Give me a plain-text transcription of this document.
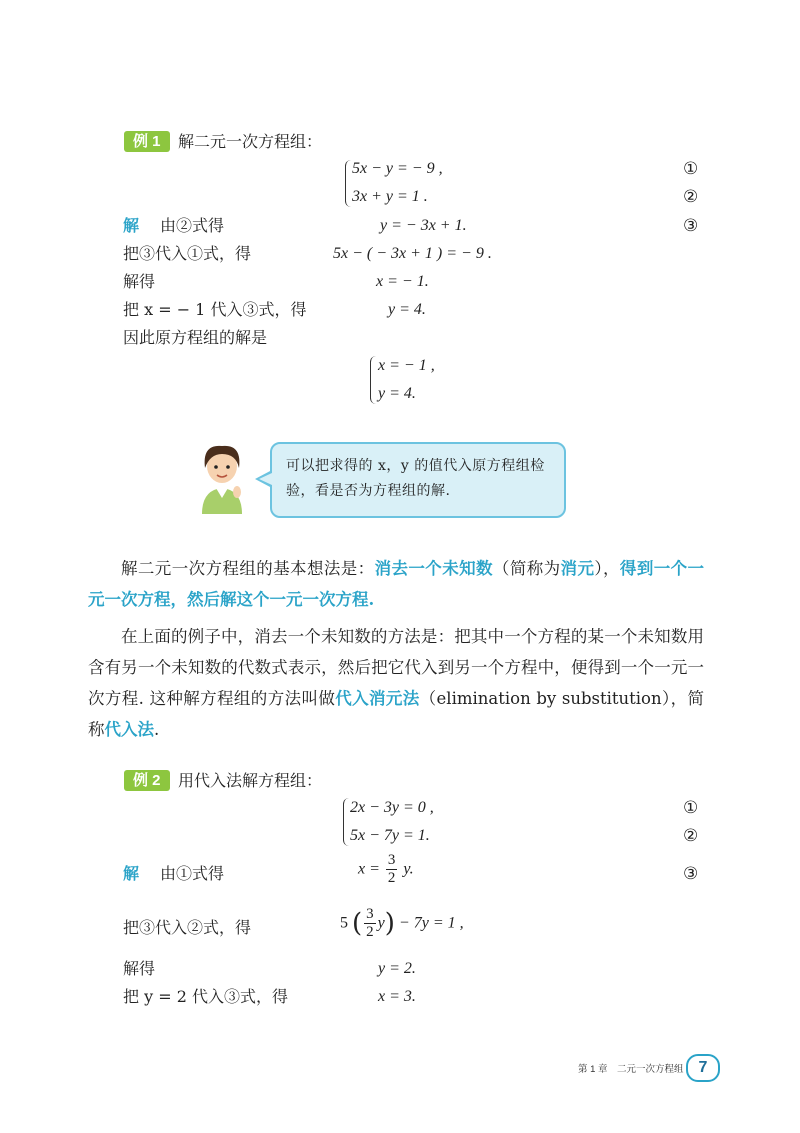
例 1	解二元一次方程组：
5x − y = − 9 ,
3x + y = 1 .
①
②
解 由②式得	y = − 3x + 1.	③
把③代入①式，得	5x − ( − 3x + 1 ) = − 9 .
解得	x = − 1.
把 x = − 1 代入③式，得	y = 4.
因此原方程组的解是
x = − 1 ,
y = 4.
可以把求得的 x，y 的值代入原方程组检验，看是否为方程组的解.
解二元一次方程组的基本想法是：消去一个未知数（简称为消元），得到一个一元一次方程，然后解这个一元一次方程.
在上面的例子中，消去一个未知数的方法是：把其中一个方程的某一个未知数用含有另一个未知数的代数式表示，然后把它代入到另一个方程中，便得到一个一元一次方程. 这种解方程组的方法叫做代入消元法（elimination by substitution），简称代入法.
例 2	用代入法解方程组：
2x − 3y = 0 ,
5x − 7y = 1.
①
②
解 由①式得	$x = \frac{3}{2} y$.	③
把③代入②式，得	5 ( $\frac{3}{2} y) - 7y = 1$ ,
解得	y = 2.
把 y = 2 代入③式，得	x = 3.
第 1 章 二元一次方程组 7
